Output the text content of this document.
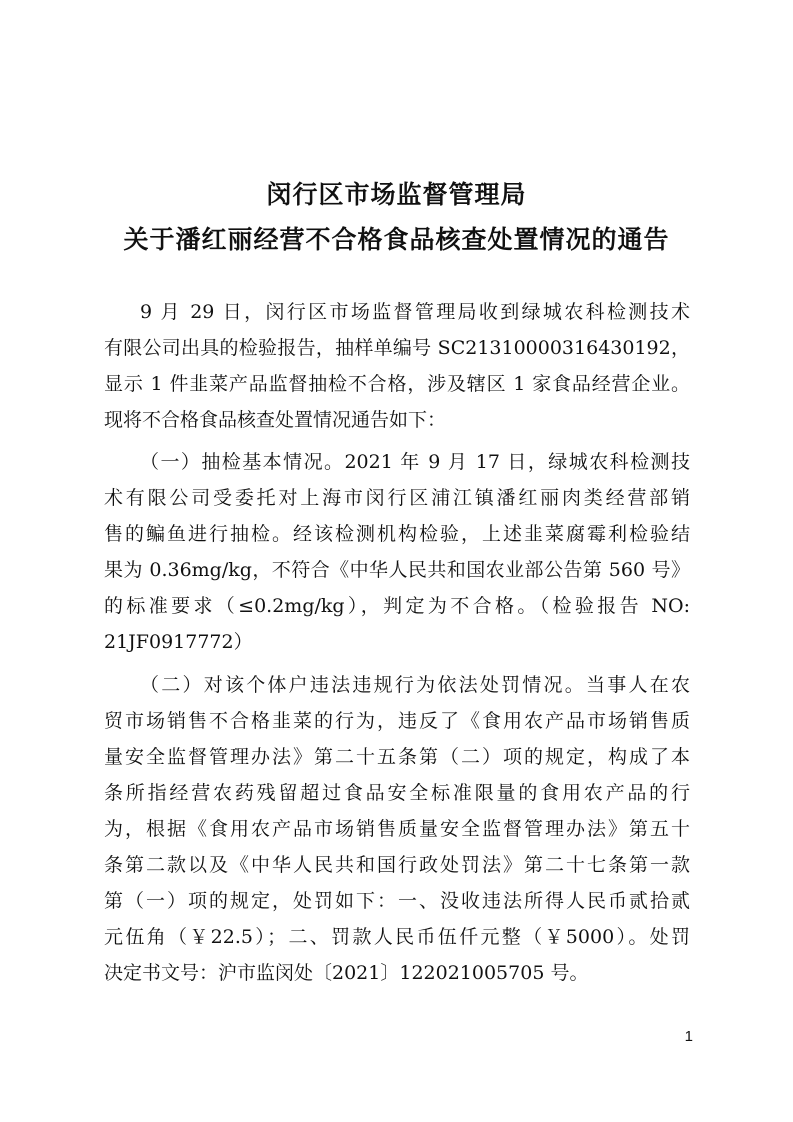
闵行区市场监督管理局
关于潘红丽经营不合格食品核查处置情况的通告
9 月 29 日，闵行区市场监督管理局收到绿城农科检测技术
有限公司出具的检验报告，抽样单编号 SC21310000316430192，
显示 1 件韭菜产品监督抽检不合格，涉及辖区 1 家食品经营企业。
现将不合格食品核查处置情况通告如下：
（一）抽检基本情况。2021 年 9 月 17 日，绿城农科检测技
术有限公司受委托对上海市闵行区浦江镇潘红丽肉类经营部销
售的鳊鱼进行抽检。经该检测机构检验，上述韭菜腐霉利检验结
果为 0.36mg/kg，不符合《中华人民共和国农业部公告第 560 号》
的标准要求（≤0.2mg/kg），判定为不合格。（检验报告 NO:
21JF0917772）
（二）对该个体户违法违规行为依法处罚情况。当事人在农
贸市场销售不合格韭菜的行为，违反了《食用农产品市场销售质
量安全监督管理办法》第二十五条第（二）项的规定，构成了本
条所指经营农药残留超过食品安全标准限量的食用农产品的行
为，根据《食用农产品市场销售质量安全监督管理办法》第五十
条第二款以及《中华人民共和国行政处罚法》第二十七条第一款
第（一）项的规定，处罚如下：一、没收违法所得人民币贰拾贰
元伍角（￥22.5）；二、罚款人民币伍仟元整（￥5000）。处罚
决定书文号：沪市监闵处〔2021〕122021005705 号。
1
